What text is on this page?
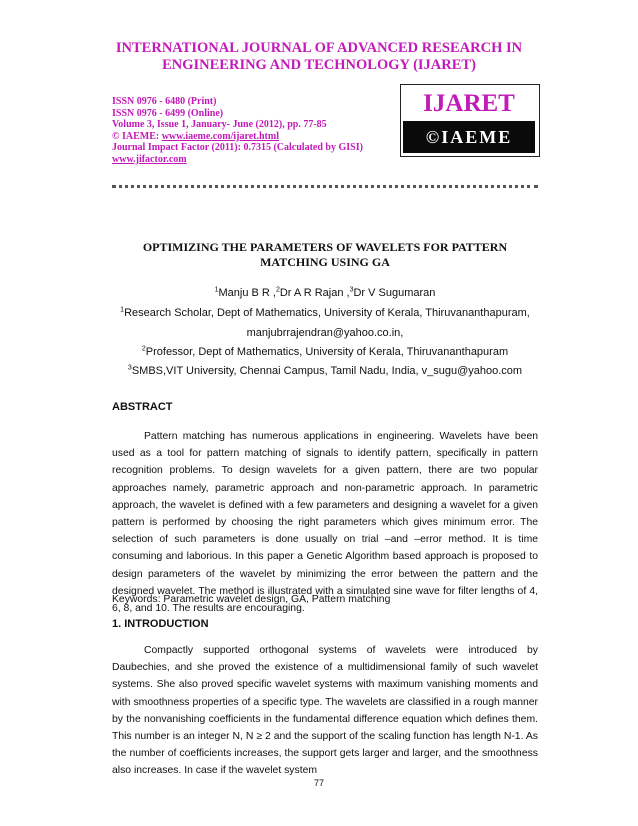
INTERNATIONAL JOURNAL OF ADVANCED RESEARCH IN
ENGINEERING AND TECHNOLOGY (IJARET)
ISSN 0976 - 6480 (Print)
ISSN 0976 - 6499 (Online)
Volume 3, Issue 1, January- June (2012), pp. 77-85
© IAEME: www.iaeme.com/ijaret.html
Journal Impact Factor (2011): 0.7315 (Calculated by GISI)
www.jifactor.com
IJARET
©IAEME
OPTIMIZING THE PARAMETERS OF WAVELETS FOR PATTERN
MATCHING USING GA
$^1$Manju B R ,$^2$Dr A R Rajan ,$^3$Dr V Sugumaran
$^1$Research Scholar, Dept of Mathematics, University of Kerala, Thiruvananthapuram,
manjubrrajendran@yahoo.co.in,
$^2$Professor, Dept of Mathematics, University of Kerala, Thiruvananthapuram
$^3$SMBS,VIT University, Chennai Campus, Tamil Nadu, India, v_sugu@yahoo.com
ABSTRACT

Pattern matching has numerous applications in engineering. Wavelets have been used as a tool for pattern matching of signals to identify pattern, specifically in pattern recognition problems. To design wavelets for a given pattern, there are two popular approaches namely, parametric approach and non-parametric approach. In parametric approach, the wavelet is defined with a few parameters and designing a wavelet for a given pattern is performed by choosing the right parameters which gives minimum error. The selection of such parameters is done usually on trial –and –error method. It is time consuming and laborious. In this paper a Genetic Algorithm based approach is proposed to design parameters of the wavelet by minimizing the error between the pattern and the designed wavelet. The method is illustrated with a simulated sine wave for filter lengths of 4, 6, 8, and 10. The results are encouraging.

Keywords: Parametric wavelet design, GA, Pattern matching

1. INTRODUCTION

Compactly supported orthogonal systems of wavelets were introduced by Daubechies, and she proved the existence of a multidimensional family of such wavelet systems. She also proved specific wavelet systems with maximum vanishing moments and with smoothness properties of a specific type. The wavelets are classified in a rough manner by the nonvanishing coefficients in the fundamental difference equation which defines them. This number is an integer N, N ≥ 2 and the support of the scaling function has length N-1. As the number of coefficients increases, the support gets larger and larger, and the smoothness also increases. In case if the wavelet system

77
